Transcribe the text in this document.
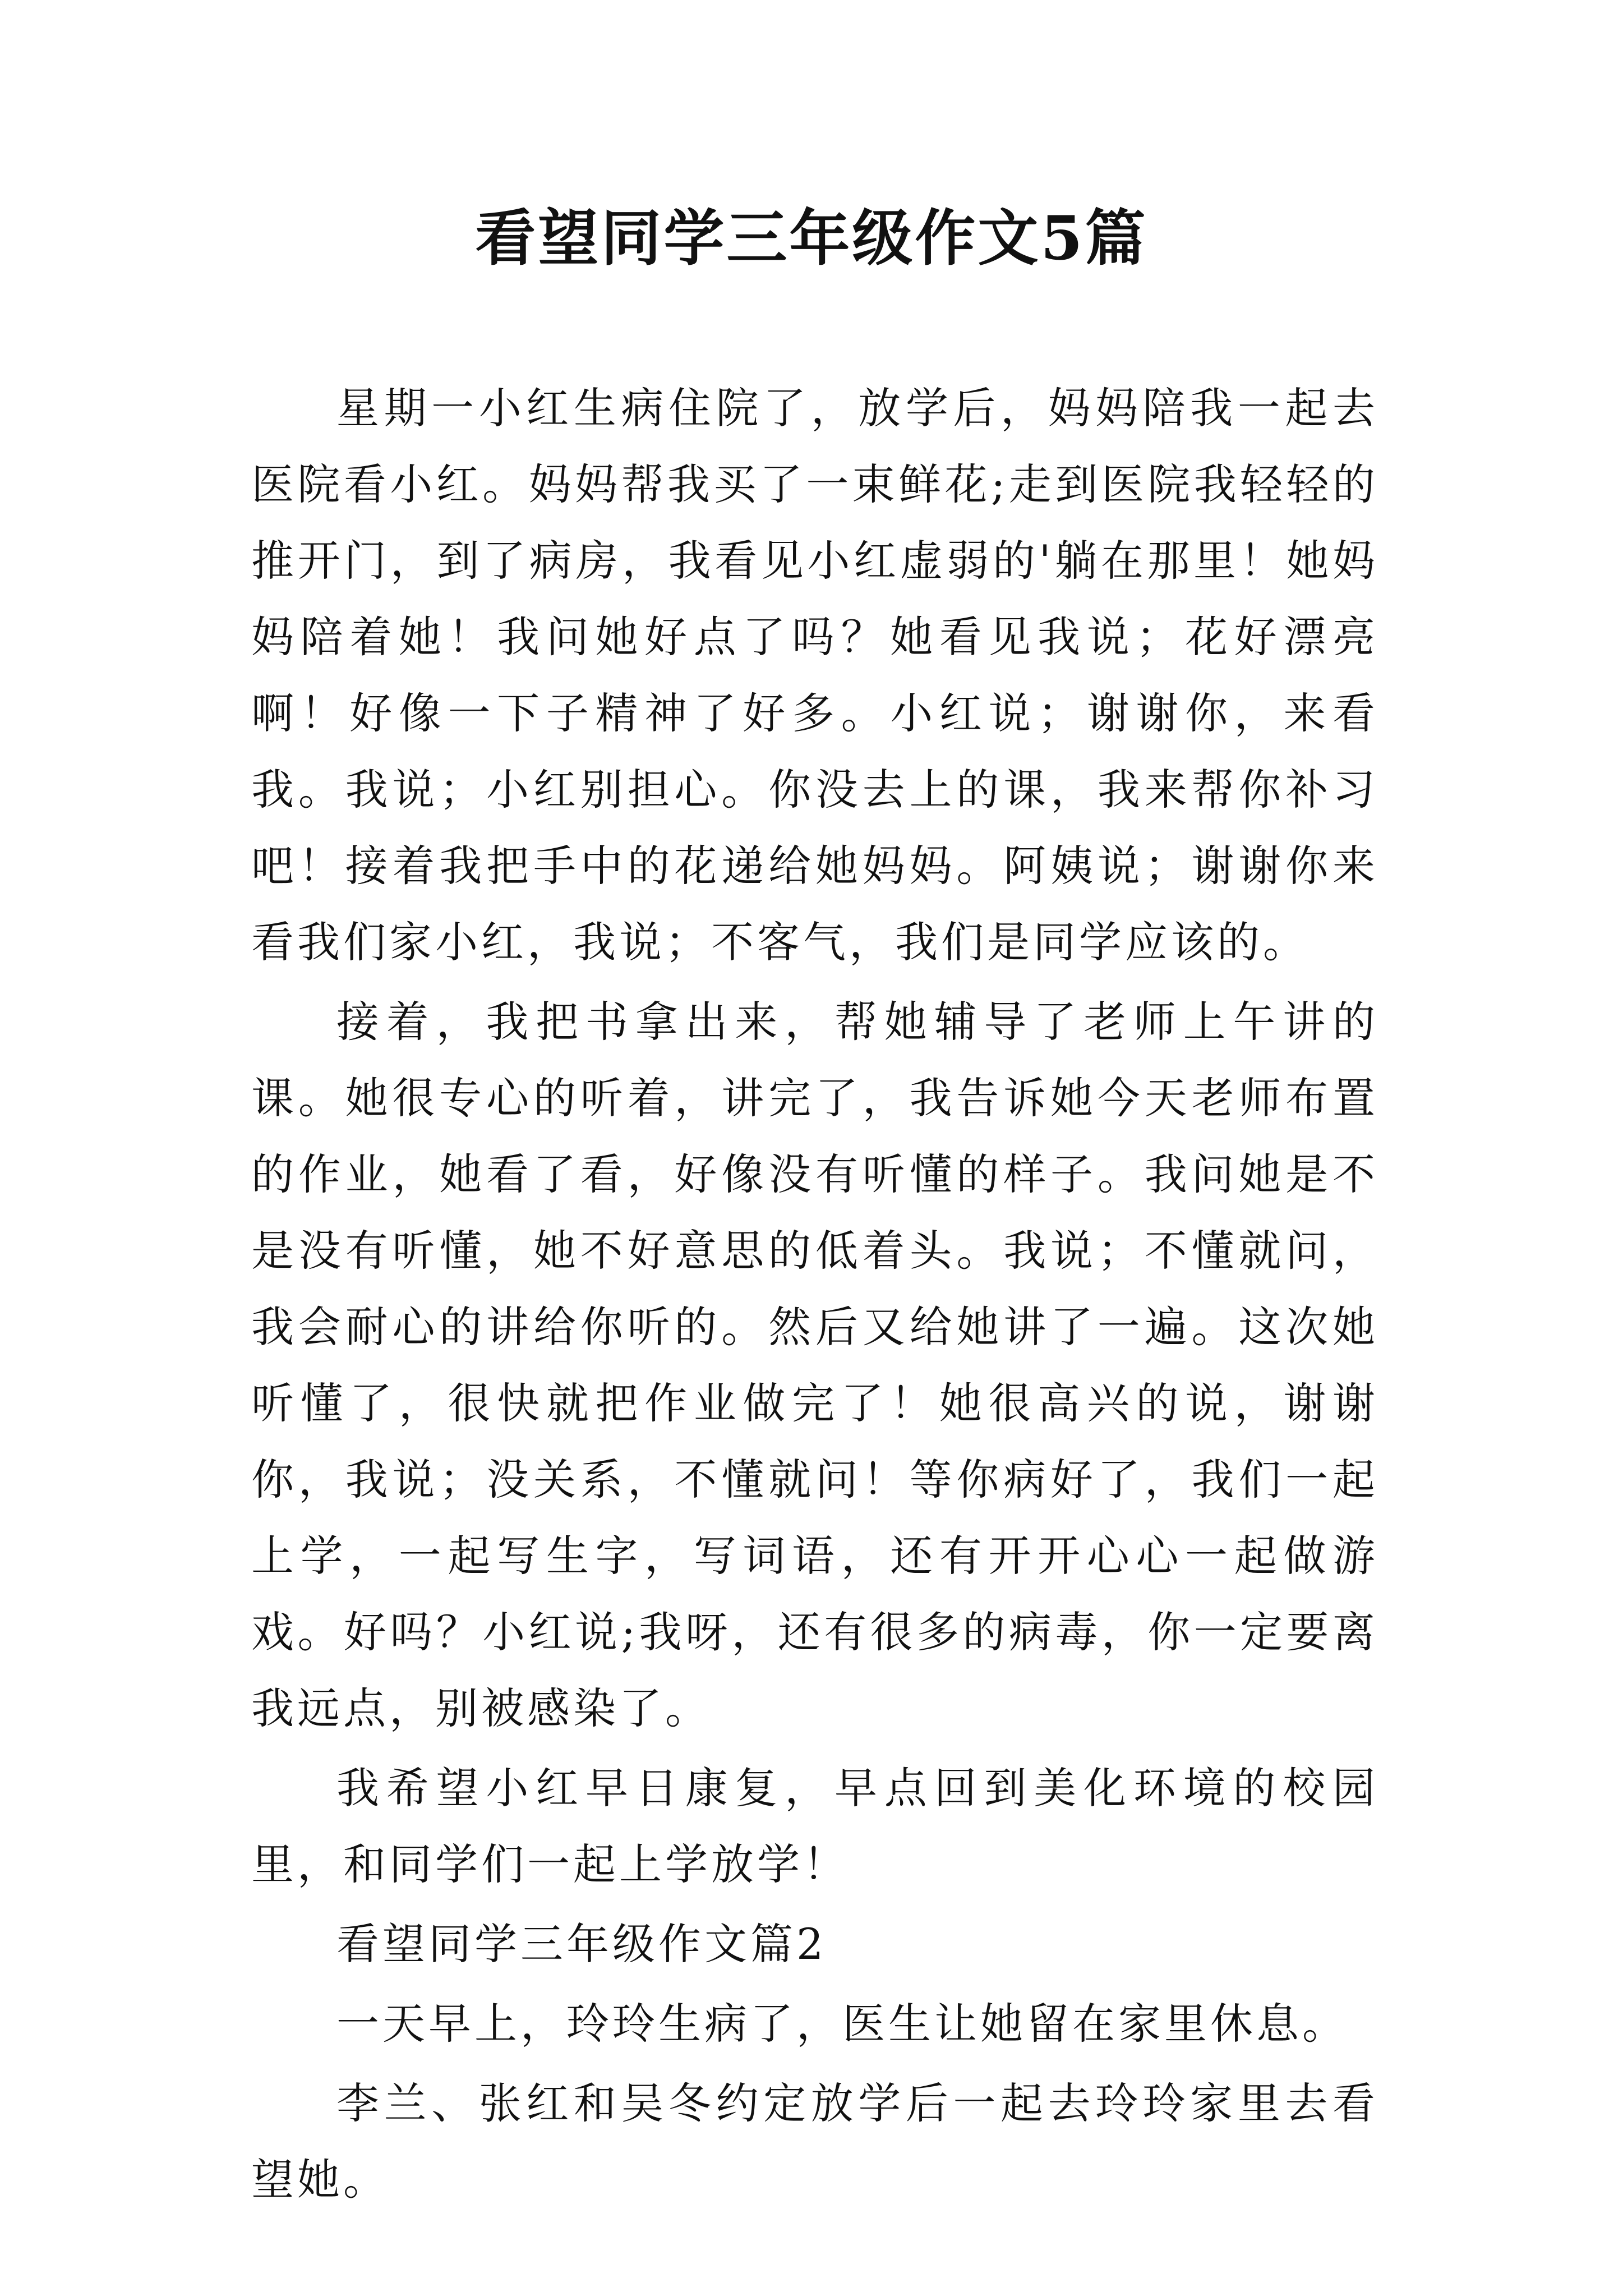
看望同学三年级作文5篇

星期一小红生病住院了，放学后，妈妈陪我一起去医院看小红。妈妈帮我买了一束鲜花;走到医院我轻轻的推开门，到了病房，我看见小红虚弱的'躺在那里！她妈妈陪着她！我问她好点了吗？她看见我说；花好漂亮啊！好像一下子精神了好多。小红说；谢谢你，来看我。我说；小红别担心。你没去上的课，我来帮你补习吧！接着我把手中的花递给她妈妈。阿姨说；谢谢你来看我们家小红，我说；不客气，我们是同学应该的。

接着，我把书拿出来，帮她辅导了老师上午讲的课。她很专心的听着，讲完了，我告诉她今天老师布置的作业，她看了看，好像没有听懂的样子。我问她是不是没有听懂，她不好意思的低着头。我说；不懂就问，我会耐心的讲给你听的。然后又给她讲了一遍。这次她听懂了，很快就把作业做完了！她很高兴的说，谢谢你，我说；没关系，不懂就问！等你病好了，我们一起上学，一起写生字，写词语，还有开开心心一起做游戏。好吗？小红说;我呀，还有很多的病毒，你一定要离我远点，别被感染了。

我希望小红早日康复，早点回到美化环境的校园里，和同学们一起上学放学！

看望同学三年级作文篇2

一天早上，玲玲生病了，医生让她留在家里休息。

李兰、张红和吴冬约定放学后一起去玲玲家里去看望她。
